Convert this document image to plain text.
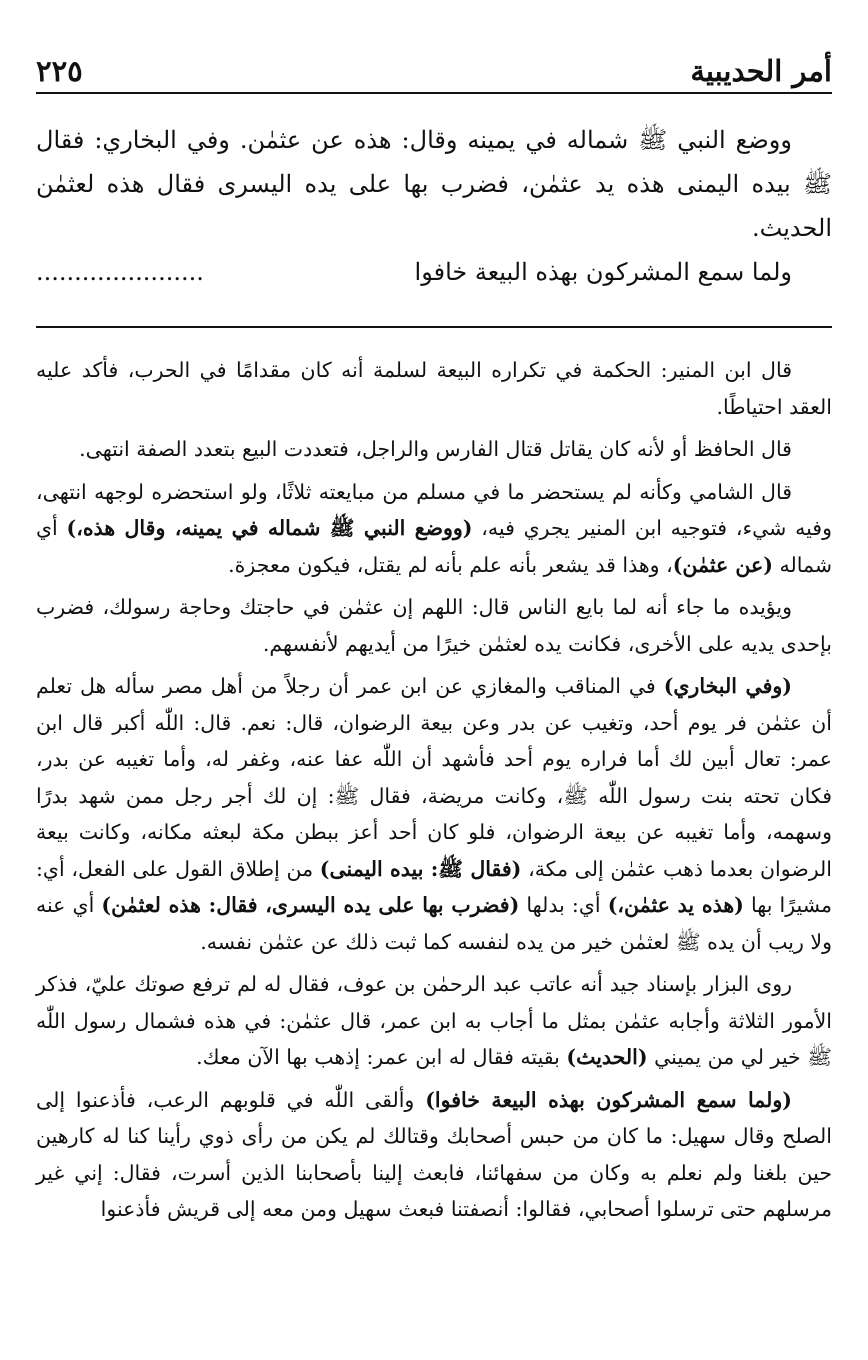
٢٢٥	أمر الحديبية

ووضع النبي ﷺ شماله في يمينه وقال: هذه عن عثمٰن. وفي البخاري: فقال ﷺ بيده اليمنى هذه يد عثمٰن، فضرب بها على يده اليسرى فقال هذه لعثمٰن الحديث.

ولما سمع المشركون بهذه البيعة خافوا
......................

قال ابن المنير: الحكمة في تكراره البيعة لسلمة أنه كان مقدامًا في الحرب، فأكد عليه العقد احتياطًا.

قال الحافظ أو لأنه كان يقاتل قتال الفارس والراجل، فتعددت البيع بتعدد الصفة انتهى.

قال الشامي وكأنه لم يستحضر ما في مسلم من مبايعته ثلاثًا، ولو استحضره لوجهه انتهى، وفيه شيء، فتوجيه ابن المنير يجري فيه، (ووضع النبي ﷺ شماله في يمينه، وقال هذه،) أي شماله (عن عثمٰن)، وهذا قد يشعر بأنه علم بأنه لم يقتل، فيكون معجزة.

ويؤيده ما جاء أنه لما بايع الناس قال: اللهم إن عثمٰن في حاجتك وحاجة رسولك، فضرب بإحدى يديه على الأخرى، فكانت يده لعثمٰن خيرًا من أيديهم لأنفسهم.

(وفي البخاري) في المناقب والمغازي عن ابن عمر أن رجلاً من أهل مصر سأله هل تعلم أن عثمٰن فر يوم أحد، وتغيب عن بدر وعن بيعة الرضوان، قال: نعم. قال: اللّٰه أكبر قال ابن عمر: تعال أبين لك أما فراره يوم أحد فأشهد أن اللّٰه عفا عنه، وغفر له، وأما تغيبه عن بدر، فكان تحته بنت رسول اللّٰه ﷺ، وكانت مريضة، فقال ﷺ: إن لك أجر رجل ممن شهد بدرًا وسهمه، وأما تغيبه عن بيعة الرضوان، فلو كان أحد أعز ببطن مكة لبعثه مكانه، وكانت بيعة الرضوان بعدما ذهب عثمٰن إلى مكة، (فقال ﷺ: بيده اليمنى) من إطلاق القول على الفعل، أي: مشيرًا بها (هذه يد عثمٰن،) أي: بدلها (فضرب بها على يده اليسرى، فقال: هذه لعثمٰن) أي عنه ولا ريب أن يده ﷺ لعثمٰن خير من يده لنفسه كما ثبت ذلك عن عثمٰن نفسه.

روى البزار بإسناد جيد أنه عاتب عبد الرحمٰن بن عوف، فقال له لم ترفع صوتك عليّ، فذكر الأمور الثلاثة وأجابه عثمٰن بمثل ما أجاب به ابن عمر، قال عثمٰن: في هذه فشمال رسول اللّٰه ﷺ خير لي من يميني (الحديث) بقيته فقال له ابن عمر: إذهب بها الآن معك.

(ولما سمع المشركون بهذه البيعة خافوا) وألقى اللّٰه في قلوبهم الرعب، فأذعنوا إلى الصلح وقال سهيل: ما كان من حبس أصحابك وقتالك لم يكن من رأى ذوي رأينا كنا له كارهين حين بلغنا ولم نعلم به وكان من سفهائنا، فابعث إلينا بأصحابنا الذين أسرت، فقال: إني غير مرسلهم حتى ترسلوا أصحابي، فقالوا: أنصفتنا فبعث سهيل ومن معه إلى قريش فأذعنوا
